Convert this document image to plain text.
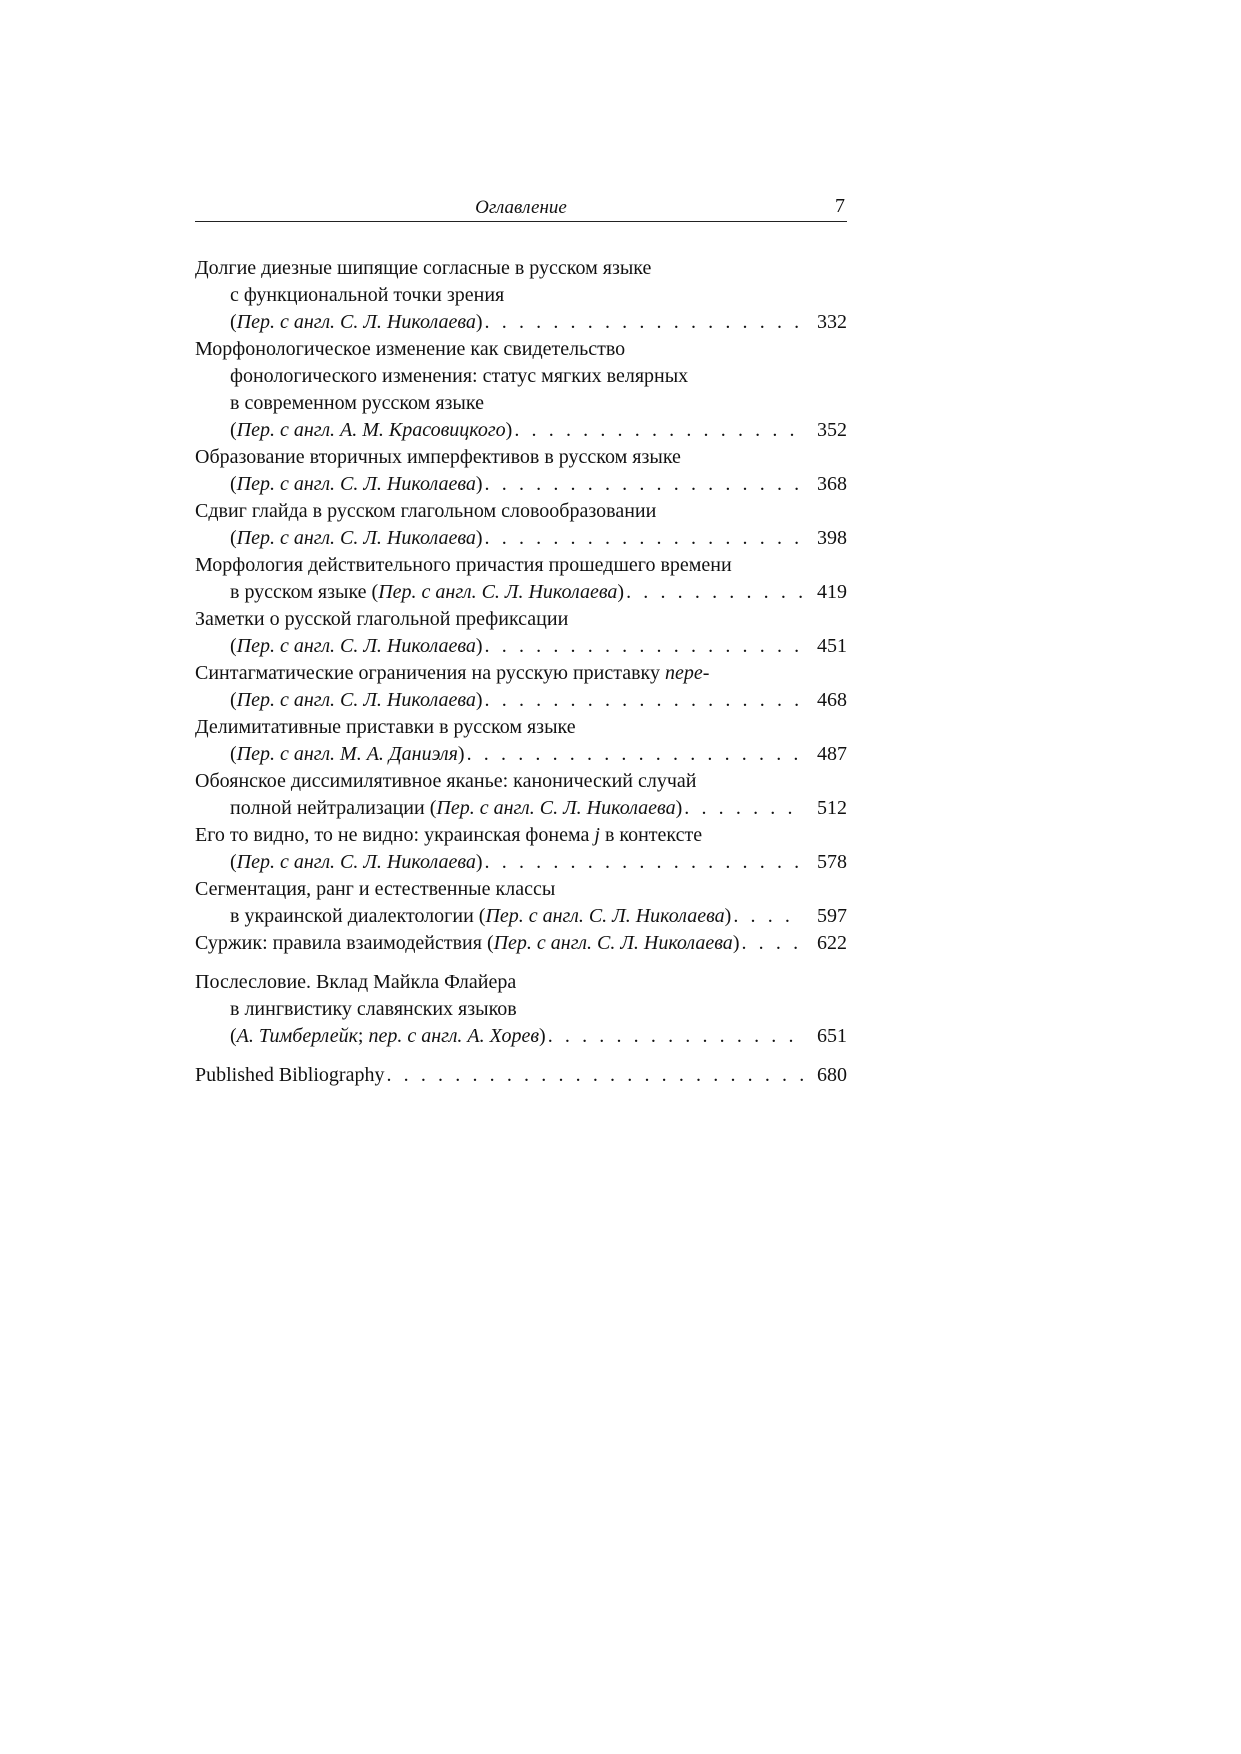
Оглавление	7
Долгие диезные шипящие согласные в русском языке
с функциональной точки зрения
(Пер. с англ. С. Л. Николаева) . . .	332
Морфонологическое изменение как свидетельство
фонологического изменения: статус мягких велярных
в современном русском языке
(Пер. с англ. А. М. Красовицкого) . . .	352
Образование вторичных имперфективов в русском языке
(Пер. с англ. С. Л. Николаева) . . .	368
Сдвиг глайда в русском глагольном словообразовании
(Пер. с англ. С. Л. Николаева) . . .	398
Морфология действительного причастия прошедшего времени
в русском языке (Пер. с англ. С. Л. Николаева) . . .	419
Заметки о русской глагольной префиксации
(Пер. с англ. С. Л. Николаева) . . .	451
Синтагматические ограничения на русскую приставку пере-
(Пер. с англ. С. Л. Николаева) . . .	468
Делимитативные приставки в русском языке
(Пер. с англ. М. А. Даниэля) . . .	487
Обоянское диссимилятивное яканье: канонический случай
полной нейтрализации (Пер. с англ. С. Л. Николаева) . . .	512
Его то видно, то не видно: украинская фонема j в контексте
(Пер. с англ. С. Л. Николаева) . . .	578
Сегментация, ранг и естественные классы
в украинской диалектологии (Пер. с англ. С. Л. Николаева) . . .	597
Суржик: правила взаимодействия (Пер. с англ. С. Л. Николаева) . . .	622
Послесловие. Вклад Майкла Флайера
в лингвистику славянских языков
(А. Тимберлейк; пер. с англ. А. Хорев) . . .	651
Published Bibliography . . .	680
